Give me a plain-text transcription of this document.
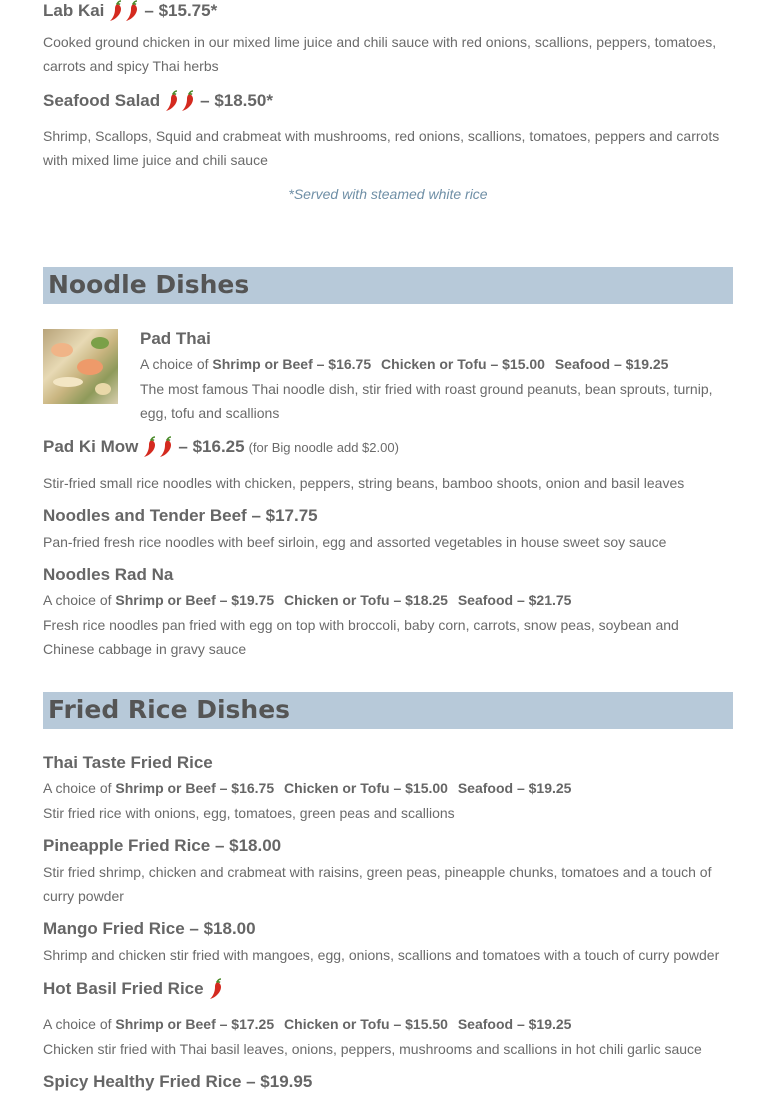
Lab Kai – $15.75*
Cooked ground chicken in our mixed lime juice and chili sauce with red onions, scallions, peppers, tomatoes, carrots and spicy Thai herbs
Seafood Salad – $18.50*
Shrimp, Scallops, Squid and crabmeat with mushrooms, red onions, scallions, tomatoes, peppers and carrots with mixed lime juice and chili sauce
*Served with steamed white rice
Noodle Dishes
Pad Thai
A choice of Shrimp or Beef – $16.75 Chicken or Tofu – $15.00 Seafood – $19.25
The most famous Thai noodle dish, stir fried with roast ground peanuts, bean sprouts, turnip, egg, tofu and scallions
Pad Ki Mow – $16.25 (for Big noodle add $2.00)
Stir-fried small rice noodles with chicken, peppers, string beans, bamboo shoots, onion and basil leaves
Noodles and Tender Beef – $17.75
Pan-fried fresh rice noodles with beef sirloin, egg and assorted vegetables in house sweet soy sauce
Noodles Rad Na
A choice of Shrimp or Beef – $19.75 Chicken or Tofu – $18.25 Seafood – $21.75
Fresh rice noodles pan fried with egg on top with broccoli, baby corn, carrots, snow peas, soybean and Chinese cabbage in gravy sauce
Fried Rice Dishes
Thai Taste Fried Rice
A choice of Shrimp or Beef – $16.75 Chicken or Tofu – $15.00 Seafood – $19.25
Stir fried rice with onions, egg, tomatoes, green peas and scallions
Pineapple Fried Rice – $18.00
Stir fried shrimp, chicken and crabmeat with raisins, green peas, pineapple chunks, tomatoes and a touch of curry powder
Mango Fried Rice – $18.00
Shrimp and chicken stir fried with mangoes, egg, onions, scallions and tomatoes with a touch of curry powder
Hot Basil Fried Rice
A choice of Shrimp or Beef – $17.25 Chicken or Tofu – $15.50 Seafood – $19.25
Chicken stir fried with Thai basil leaves, onions, peppers, mushrooms and scallions in hot chili garlic sauce
Spicy Healthy Fried Rice – $19.95
